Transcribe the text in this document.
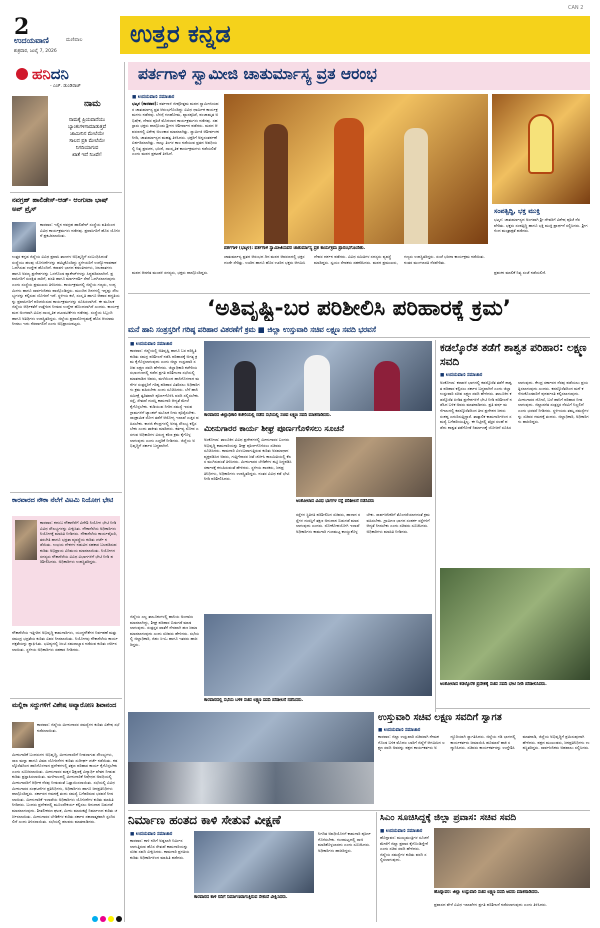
2
ಉದಯವಾಣಿ	ಮಣಿಪಾಲ
ಶುಕ್ರವಾರ, ಜುಲೈ 7, 2026
ಉತ್ತರ ಕನ್ನಡ
CAN 2
ಹನಿದನಿ
- ಎಚ್. ಡುಂಡಿರಾಜ್
ನಾಮ
ನಾಮಕ್ಕೆ ಪ್ರಿಯವಾದೆಯು
ಬ್ಯಾಂಕುಗಳಿಗಾಮಾಡುತ್ತವೆ
ಜಾಮೀನಿನ ಮೇಲೆಯೇ
ಸಾಲದ ಪ್ರತಿ ಮೇಲೆಯೇ
ನಿಗದಿಯಾಗುವ
ಖಾತೆ ಇದೆ ನಿಜವೇ!
ನವಗ್ರಹ್ ಹಾಲಿಡೇಸ್-ಆಡ್- ಆಂಗುಟಾ ಭಾಷ್ ಅಪ್ ಪ್ರೈಸ್
ಕಾರವಾರ: ಇಲ್ಲಿನ ನವಗ್ರಹ ಹಾಲಿಡೇಸ್ ಸಂಸ್ಥೆಯ ವತಿಯಿಂದ ವಿವಿಧ ಕಾರ್ಯಕ್ರಮಗಳು ನಡೆದವು. ಪ್ರವಾಸಿಗರಿಗೆ ಹೊಸ ಯೋಜನೆ ಪ್ರಕಟಿಸಲಾಯಿತು.
ಉತ್ತರ ಕನ್ನಡ ಜಿಲ್ಲೆಯ ವಿವಿಧ ಪ್ರವಾಸಿ ತಾಣಗಳ ಅಭಿವೃದ್ಧಿಗೆ ಸಂಬಂಧಿಸಿದಂತೆ ಸಂಸ್ಥೆಯು ಹಲವು ಯೋಜನೆಗಳನ್ನು ಹಮ್ಮಿಕೊಂಡಿದ್ದು ಸ್ಥಳೀಯರಿಗೆ ಉದ್ಯೋಗಾವಕಾಶ ಒದಗಿಸುವ ಉದ್ದೇಶ ಹೊಂದಿದೆ. ಕರಾವಳಿ ಭಾಗದ ಕಡಲತೀರಗಳು, ಜಲಪಾತಗಳು ಹಾಗೂ ಅರಣ್ಯ ಪ್ರದೇಶಗಳನ್ನು ಒಳಗೊಂಡ ಪ್ಯಾಕೇಜ್‌ಗಳನ್ನು ಸಿದ್ಧಪಡಿಸಲಾಗಿದೆ. ಪ್ರವಾಸಿಗರಿಗೆ ಸುರಕ್ಷಿತ ಸಾರಿಗೆ, ವಸತಿ ಹಾಗೂ ಮಾರ್ಗದರ್ಶಿ ಸೇವೆ ಒದಗಿಸಲಾಗುವುದು ಎಂದು ಸಂಸ್ಥೆಯ ಪ್ರಮುಖರು ತಿಳಿಸಿದರು. ಕಾರ್ಯಕ್ರಮದಲ್ಲಿ ಜಿಲ್ಲೆಯ ಗಣ್ಯರು, ಉದ್ಯಮಿಗಳು ಹಾಗೂ ಸಾರ್ವಜನಿಕರು ಪಾಲ್ಗೊಂಡಿದ್ದರು. ಮುಂದಿನ ದಿನಗಳಲ್ಲಿ ಇನ್ನಷ್ಟು ಸೌಲಭ್ಯಗಳನ್ನು ಕಲ್ಪಿಸುವ ಯೋಜನೆ ಇದೆ. ಸ್ಥಳೀಯ ಕಲೆ, ಸಂಸ್ಕೃತಿ ಹಾಗೂ ಆಹಾರ ಪದ್ಧತಿಯನ್ನು ಪ್ರವಾಸಿಗರಿಗೆ ಪರಿಚಯಿಸುವ ಕಾರ್ಯಕ್ರಮಗಳನ್ನು ರೂಪಿಸಲಾಗಿದೆ. ಈ ಮೂಲಕ ಜಿಲ್ಲೆಯ ಆರ್ಥಿಕತೆಗೆ ಉತ್ತೇಜನ ನೀಡುವ ಉದ್ದೇಶ ಹೊಂದಲಾಗಿದೆ ಎಂದರು. ಕಾರ್ಯಕ್ರಮದ ಅಂಗವಾಗಿ ವಿವಿಧ ಸಾಂಸ್ಕೃತಿಕ ಚಟುವಟಿಕೆಗಳು ನಡೆದವು. ಸಂಸ್ಥೆಯ ಸಿಬ್ಬಂದಿ ಹಾಗೂ ಅತಿಥಿಗಳು ಉಪಸ್ಥಿತರಿದ್ದರು. ಜಿಲ್ಲೆಯ ಪ್ರವಾಸೋದ್ಯಮಕ್ಕೆ ಹೊಸ ಆಯಾಮ ನೀಡಲು ಇದು ನೆರವಾಗಲಿದೆ ಎಂದು ಅಭಿಪ್ರಾಯಪಟ್ಟರು.
ಕಾರವಾರದ ನೌಕಾ ನೆಲೆಗೆ ವಿಟಮಿ ನಿಯೋಗ ಭೇಟಿ
ಕಾರವಾರ: ಕದಂಬ ನೌಕಾನೆಲೆಗೆ ವಿದೇಶಿ ನಿಯೋಗ ಭೇಟಿ ನೀಡಿ ವಿವಿಧ ಸೌಲಭ್ಯಗಳನ್ನು ವೀಕ್ಷಿಸಿತು. ನೌಕಾನೆಲೆಯ ಅಧಿಕಾರಿಗಳು ನಿಯೋಗಕ್ಕೆ ಮಾಹಿತಿ ನೀಡಿದರು. ನೌಕಾನೆಲೆಯ ಕಾರ್ಯವೈಖರಿ, ತರಬೇತಿ ಹಾಗೂ ಭದ್ರತಾ ವ್ಯವಸ್ಥೆಯ ಕುರಿತು ಚರ್ಚೆ ನಡೆಯಿತು. ಉಭಯ ದೇಶಗಳ ನಡುವಿನ ಸಹಕಾರ ಬಲಪಡಿಸುವ ಕುರಿತು ಅಭಿಪ್ರಾಯ ವಿನಿಮಯ ಮಾಡಲಾಯಿತು. ನಿಯೋಗದ ಸದಸ್ಯರು ನೌಕಾನೆಲೆಯ ವಿವಿಧ ವಿಭಾಗಗಳಿಗೆ ಭೇಟಿ ನೀಡಿ ಪರಿಶೀಲಿಸಿದರು. ಅಧಿಕಾರಿಗಳು ಉಪಸ್ಥಿತರಿದ್ದರು.
ನೌಕಾನೆಲೆಯ ಇತ್ತೀಚಿನ ಅಭಿವೃದ್ಧಿ ಕಾಮಗಾರಿಗಳು, ಯುದ್ಧನೌಕೆಗಳ ನಿರ್ವಹಣೆ ಮತ್ತು ಸಮುದ್ರ ಭದ್ರತೆಯ ಕುರಿತು ವಿವರ ನೀಡಲಾಯಿತು. ನಿಯೋಗವು ನೌಕಾನೆಲೆಯ ಕಾರ್ಯದಕ್ಷತೆಯನ್ನು ಶ್ಲಾಘಿಸಿತು. ಭವಿಷ್ಯದಲ್ಲಿ ಜಂಟಿ ಸಮರಾಭ್ಯಾಸ ನಡೆಸುವ ಕುರಿತು ಚರ್ಚಿಸಲಾಯಿತು. ಸ್ಥಳೀಯ ಅಧಿಕಾರಿಗಳು ಸಹಕಾರ ನೀಡಿದರು.
ಮಲ್ಲಿಕಾ ಸದ್ದುಗಳಿಗೆ ವಿಶೇಷ ಅವ್ಯಾರೋಣ ಶಿವಾನಂದ
ಕಾರವಾರ: ಜಿಲ್ಲೆಯ ಮೀನುಗಾರರ ಸಮಸ್ಯೆಗಳ ಕುರಿತು ವಿಶೇಷ ಸಭೆ ನಡೆಸಲಾಯಿತು.
ಮೀನುಗಾರಿಕೆ ಬಂದರುಗಳ ಅಭಿವೃದ್ಧಿ, ಮೀನುಗಾರರಿಗೆ ನೀಡಲಾಗುವ ಸೌಲಭ್ಯಗಳು, ಸಾಲ ಮನ್ನಾ ಹಾಗೂ ವಿಮಾ ಯೋಜನೆಗಳ ಕುರಿತು ಸುದೀರ್ಘ ಚರ್ಚೆ ನಡೆಯಿತು. ಕಡಲ್ಕೊರೆತದಿಂದ ಹಾನಿಗೊಳಗಾದ ಪ್ರದೇಶಗಳಲ್ಲಿ ತಕ್ಷಣ ಪರಿಹಾರ ಕಾರ್ಯ ಕೈಗೊಳ್ಳಬೇಕು ಎಂದು ಸೂಚಿಸಲಾಯಿತು. ಮೀನುಗಾರರ ಮಕ್ಕಳ ಶಿಕ್ಷಣಕ್ಕೆ ವಿದ್ಯಾರ್ಥಿ ವೇತನ ನೀಡುವ ಕುರಿತು ಪ್ರಸ್ತಾಪಿಸಲಾಯಿತು. ಮಳೆಗಾಲದಲ್ಲಿ ಮೀನುಗಾರಿಕೆ ನಿಷೇಧದ ಅವಧಿಯಲ್ಲಿ ಮೀನುಗಾರರಿಗೆ ಆರ್ಥಿಕ ನೆರವು ನೀಡುವಂತೆ ಒತ್ತಾಯಿಸಲಾಯಿತು. ಸಭೆಯಲ್ಲಿ ವಿವಿಧ ಮೀನುಗಾರರ ಸಂಘಟನೆಗಳ ಪ್ರತಿನಿಧಿಗಳು, ಅಧಿಕಾರಿಗಳು ಹಾಗೂ ಜನಪ್ರತಿನಿಧಿಗಳು ಪಾಲ್ಗೊಂಡಿದ್ದರು. ಸರ್ಕಾರದ ಗಮನಕ್ಕೆ ತಂದು ಸಮಸ್ಯೆ ಬಗೆಹರಿಸುವ ಭರವಸೆ ನೀಡಲಾಯಿತು. ಮೀನುಗಾರಿಕೆ ಇಲಾಖೆಯ ಅಧಿಕಾರಿಗಳು ಯೋಜನೆಗಳ ಕುರಿತು ಮಾಹಿತಿ ನೀಡಿದರು. ಬಂದರು ಪ್ರದೇಶದಲ್ಲಿ ಮೂಲಸೌಕರ್ಯ ಕಲ್ಪಿಸಲು ಅನುದಾನ ಬಿಡುಗಡೆ ಮಾಡಲಾಗುವುದು. ಶೀತಲೀಕರಣ ಘಟಕ, ಮೀನು ಮಾರುಕಟ್ಟೆ ನಿರ್ಮಾಣದ ಕುರಿತು ಚರ್ಚಿಸಲಾಯಿತು. ಮೀನುಗಾರರ ಬೇಡಿಕೆಗಳ ಕುರಿತು ಸರ್ಕಾರ ಸಕಾರಾತ್ಮಕವಾಗಿ ಸ್ಪಂದಿಸಲಿದೆ ಎಂದು ತಿಳಿಸಲಾಯಿತು. ಸಭೆಯಲ್ಲಿ ಹಲವರು ಮಾತನಾಡಿದರು.
ಪರ್ತಗಾಳಿ ಸ್ವಾಮೀಜಿ ಚಾತುರ್ಮಾಸ್ಯ ವ್ರತ ಆರಂಭ
■ ಉದಯವಾಣಿ ಸಮಾಚಾರ
ಭಟ್ಕಳ (ಕಾರವಾರ): ಪರ್ತಗಾಳಿ ಜೀವೋತ್ತಮ ಮಠದ ಸ್ವಾಮೀಜಿಯವರ ಚಾತುರ್ಮಾಸ್ಯ ವ್ರತ ಆರಂಭಗೊಂಡಿದ್ದು ವಿವಿಧ ಧಾರ್ಮಿಕ ಕಾರ್ಯಕ್ರಮಗಳು ನಡೆದವು. ಬೆಳಗ್ಗೆ ಗಣಹೋಮ, ವ್ಯಾಸಪೂಜೆ, ಪಂಚಾಮೃತ ಅಭಿಷೇಕ, ದೇವರ ಪೂಜೆ ಮೊದಲಾದ ಕಾರ್ಯಕ್ರಮಗಳು ನಡೆದವು. ಸಹಸ್ರಾರು ಭಕ್ತರು ಪಾಲ್ಗೊಂಡು ಶ್ರೀಗಳ ಆಶೀರ್ವಾದ ಪಡೆದರು. ಮಠದ ಆವರಣದಲ್ಲಿ ವಿಶೇಷ ಅಲಂಕಾರ ಮಾಡಲಾಗಿತ್ತು. ಸ್ವಾಮೀಜಿ ಆಶೀರ್ವಚನ ನೀಡಿ, ಚಾತುರ್ಮಾಸ್ಯದ ಮಹತ್ವ ತಿಳಿಸಿದರು. ಭಕ್ತರಿಗೆ ಅನ್ನಸಂತರ್ಪಣೆ ಏರ್ಪಡಿಸಲಾಗಿತ್ತು. ನಾಲ್ಕು ತಿಂಗಳ ಕಾಲ ನಡೆಯುವ ವ್ರತದ ಅವಧಿಯಲ್ಲಿ ನಿತ್ಯ ಪ್ರವಚನ, ಭಜನೆ, ಸಾಂಸ್ಕೃತಿಕ ಕಾರ್ಯಕ್ರಮಗಳು ನಡೆಯಲಿವೆ ಎಂದು ಮಠದ ಪ್ರಕಟಣೆ ತಿಳಿಸಿದೆ.
ಸಂಪತ್ಸಿದ್ಧಿ, ಭಕ್ತ ಮುಕ್ತಿ
ಭಟ್ಕಳ: ಚಾತುರ್ಮಾಸ್ಯದ ಅಂಗವಾಗಿ ಶ್ರೀ ದೇವರಿಗೆ ವಿಶೇಷ ಪೂಜೆ ನೆರವೇರಿತು. ಭಕ್ತರು ಸಂಪತ್ಸಿದ್ಧಿ ಹಾಗೂ ಭಕ್ತಿ ಮುಕ್ತಿ ಪ್ರಾರ್ಥನೆ ಸಲ್ಲಿಸಿದರು. ಶ್ರೀಗಳಿಂದ ಮಂತ್ರಾಕ್ಷತೆ ಪಡೆದರು.
ಪರ್ತಗಾಳಿ (ಭಟ್ಕಳ): ಪರ್ತಗಾಳಿ ಸ್ವಾಮೀಜಿಯವರ ಚಾತುರ್ಮಾಸ್ಯ ವ್ರತ ಕಾರ್ಯಕ್ರಮ ಪ್ರಾರಂಭಗೊಂಡಿತು.
ಚಾತುರ್ಮಾಸ್ಯ ವ್ರತದ ಆರಂಭದ ದಿನ ಮಠದ ಆವರಣದಲ್ಲಿ ಭಕ್ತರ ದಂಡೇ ಸೇರಿತ್ತು. ಊರಿನ ಹಾಗೂ ಹೊರ ಊರಿನ ಭಕ್ತರು ಆಗಮಿಸಿ ದೇವರ ದರ್ಶನ ಪಡೆದರು. ವಿವಿಧ ಸಮಿತಿಗಳ ಸದಸ್ಯರು ವ್ಯವಸ್ಥೆ ಮಾಡಿದ್ದರು. ಸ್ವಯಂ ಸೇವಕರು ಸಹಕರಿಸಿದರು. ಮಠದ ಪ್ರಮುಖರು, ಗಣ್ಯರು ಉಪಸ್ಥಿತರಿದ್ದರು. ಸಂಜೆ ಭಜನಾ ಕಾರ್ಯಕ್ರಮ ನಡೆಯಿತು. ನಂತರ ಮಂಗಳಾರತಿ ನೆರವೇರಿತು.
ಮಠದ ಆಡಳಿತ ಮಂಡಳಿ ಸದಸ್ಯರು, ಭಕ್ತರು ಪಾಲ್ಗೊಂಡಿದ್ದರು.	ಪ್ರವಚನ ಮಾಲಿಕೆ ನಿತ್ಯ ಸಂಜೆ ನಡೆಯಲಿದೆ.
‘ಅತಿವೃಷ್ಟಿ-ಬರ ಪರಿಶೀಲಿಸಿ ಪರಿಹಾರಕ್ಕೆ ಕ್ರಮ’
ಮನೆ ಹಾನಿ ಸಂತ್ರಸ್ತರಿಗೆ ಗರಿಷ್ಠ ಪರಿಹಾರ ವಿತರಣೆಗೆ ಕ್ರಮ ■ ಜಿಲ್ಲಾ ಉಸ್ತುವಾರಿ ಸಚಿವ ಲಕ್ಷ್ಮಣ ಸವದಿ ಭರವಸೆ
■ ಉದಯವಾಣಿ ಸಮಾಚಾರ
ಕಾರವಾರ: ಜಿಲ್ಲೆಯಲ್ಲಿ ಅತಿವೃಷ್ಟಿ ಹಾಗೂ ಬರ ಪರಿಸ್ಥಿತಿ ಕುರಿತು ಸಮಗ್ರ ಪರಿಶೀಲನೆ ನಡೆಸಿ ಪರಿಹಾರಕ್ಕೆ ಅಗತ್ಯ ಕ್ರಮ ಕೈಗೊಳ್ಳಲಾಗುವುದು ಎಂದು ಜಿಲ್ಲಾ ಉಸ್ತುವಾರಿ ಸಚಿವ ಲಕ್ಷ್ಮಣ ಸವದಿ ಹೇಳಿದರು. ಜಿಲ್ಲಾಧಿಕಾರಿ ಕಚೇರಿಯ ಸಭಾಂಗಣದಲ್ಲಿ ನಡೆದ ಪ್ರಗತಿ ಪರಿಶೀಲನಾ ಸಭೆಯಲ್ಲಿ ಮಾತನಾಡಿದ ಅವರು, ಮಳೆಯಿಂದ ಹಾನಿಗೊಳಗಾದ ಮನೆಗಳ ಸಂತ್ರಸ್ತರಿಗೆ ಗರಿಷ್ಠ ಪರಿಹಾರ ವಿತರಿಸಲು ಅಧಿಕಾರಿಗಳು ಕ್ರಮ ವಹಿಸಬೇಕು ಎಂದು ಸೂಚಿಸಿದರು. ಬೆಳೆ ಹಾನಿ ಸಮೀಕ್ಷೆ ತ್ವರಿತವಾಗಿ ಪೂರ್ಣಗೊಳಿಸಿ ವರದಿ ಸಲ್ಲಿಸಬೇಕು. ರಸ್ತೆ, ಸೇತುವೆ ದುರಸ್ತಿ ಕಾಮಗಾರಿ ಆದ್ಯತೆ ಮೇಲೆ ಕೈಗೊಳ್ಳಬೇಕು. ಕುಡಿಯುವ ನೀರಿನ ಸಮಸ್ಯೆ ಇರುವ ಗ್ರಾಮಗಳಿಗೆ ಟ್ಯಾಂಕರ್ ಮೂಲಕ ನೀರು ಪೂರೈಸಬೇಕು. ಸಾಂಕ್ರಾಮಿಕ ರೋಗ ತಡೆಗೆ ಆರೋಗ್ಯ ಇಲಾಖೆ ಎಚ್ಚರ ವಹಿಸಬೇಕು. ಕಾಳಜಿ ಕೇಂದ್ರಗಳಲ್ಲಿ ಅಗತ್ಯ ಸೌಲಭ್ಯ ಕಲ್ಪಿಸಬೇಕು ಎಂದು ತಾಕೀತು ಮಾಡಿದರು. ಕರ್ತವ್ಯ ಲೋಪ ಎಸಗುವ ಅಧಿಕಾರಿಗಳ ವಿರುದ್ಧ ಕಠಿಣ ಕ್ರಮ ಕೈಗೊಳ್ಳಲಾಗುವುದು ಎಂದು ಎಚ್ಚರಿಕೆ ನೀಡಿದರು. ಜಿಲ್ಲೆಯ ಅಭಿವೃದ್ಧಿಗೆ ಸರ್ಕಾರ ಬದ್ಧವಾಗಿದೆ.
ಕಾರವಾರದ ಜಿಲ್ಲಾಧಿಕಾರಿ ಕಚೇರಿಯಲ್ಲಿ ನಡೆದ ಸಭೆಯಲ್ಲಿ ಸಚಿವ ಲಕ್ಷ್ಮಣ ಸವದಿ ಮಾತನಾಡಿದರು.
ಮೀನುಗಾರರ ಕಾರ್ಯ ಶೀಘ್ರ ಪೂರ್ಣಗೊಳಿಸಲು ಸೂಚನೆ
ಅಂಕೋಲಾ: ತಾಲೂಕಿನ ವಿವಿಧ ಪ್ರದೇಶಗಳಲ್ಲಿ ಮೀನುಗಾರರ ಬಂದರು ಅಭಿವೃದ್ಧಿ ಕಾಮಗಾರಿಯನ್ನು ಶೀಘ್ರ ಪೂರ್ಣಗೊಳಿಸಲು ಸಚಿವರು ಸೂಚಿಸಿದರು. ಕಾಮಗಾರಿ ವಿಳಂಬವಾಗುತ್ತಿರುವ ಕುರಿತು ಅಸಮಾಧಾನ ವ್ಯಕ್ತಪಡಿಸಿದ ಅವರು, ಗುತ್ತಿಗೆದಾರರ ಜತೆ ಚರ್ಚಿಸಿ ಕಾಲಮಿತಿಯಲ್ಲಿ ಕೆಲಸ ಮುಗಿಸುವಂತೆ ತಿಳಿಸಿದರು. ಮೀನುಗಾರರ ಬೇಡಿಕೆಗಳ ಪಟ್ಟಿ ಸಿದ್ಧಪಡಿಸಿ ಸರ್ಕಾರಕ್ಕೆ ಕಳುಹಿಸುವಂತೆ ಹೇಳಿದರು. ಸ್ಥಳೀಯ ಶಾಸಕರು, ಜನಪ್ರತಿನಿಧಿಗಳು, ಅಧಿಕಾರಿಗಳು ಉಪಸ್ಥಿತರಿದ್ದರು. ನಂತರ ವಿವಿಧ ಕಡೆ ಭೇಟಿ ನೀಡಿ ಪರಿಶೀಲಿಸಿದರು.
ಅಂಕೋಲಾದ ವಿವಿಧ ಭಾಗಗಳ ರಸ್ತೆ ಪರಿಶೀಲನೆ ನಡೆಸಿದರು
ರಸ್ತೆಗಳ ಸ್ಥಿತಿಗತಿ ಪರಿಶೀಲಿಸಿದ ಸಚಿವರು, ಹಾಳಾದ ರಸ್ತೆಗಳ ದುರಸ್ತಿಗೆ ತಕ್ಷಣ ಅನುದಾನ ಬಿಡುಗಡೆ ಮಾಡಲಾಗುವುದು ಎಂದರು. ಲೋಕೋಪಯೋಗಿ ಇಲಾಖೆ ಅಧಿಕಾರಿಗಳು ಕಾಮಗಾರಿ ಗುಣಮಟ್ಟ ಕಾಯ್ದುಕೊಳ್ಳಬೇಕು. ಸಾರ್ವಜನಿಕರಿಗೆ ತೊಂದರೆಯಾಗದಂತೆ ಕ್ರಮ ವಹಿಸಬೇಕು. ಗ್ರಾಮೀಣ ಭಾಗದ ಸಂಪರ್ಕ ರಸ್ತೆಗಳಿಗೆ ಆದ್ಯತೆ ನೀಡಬೇಕು ಎಂದು ಸಚಿವರು ಸೂಚಿಸಿದರು. ಅಧಿಕಾರಿಗಳು ಮಾಹಿತಿ ನೀಡಿದರು.
ಕಾರವಾರದಲ್ಲಿ ಸಭೆಯ ಬಳಿಕ ಸಚಿವ ಲಕ್ಷ್ಮಣ ಸವದಿ ಪರಿಶೀಲನೆ ನಡೆಸಿದರು.
ಜಿಲ್ಲೆಯ ಎಲ್ಲ ತಾಲೂಕುಗಳಲ್ಲಿ ಹಾನಿಯ ಅಂದಾಜು ಮಾಡಲಾಗಿದ್ದು, ಶೀಘ್ರ ಪರಿಹಾರ ಬಿಡುಗಡೆ ಮಾಡಲಾಗುವುದು. ಸಂತ್ರಸ್ತರ ಖಾತೆಗೆ ನೇರವಾಗಿ ಹಣ ಜಮಾ ಮಾಡಲಾಗುವುದು ಎಂದು ಸಚಿವರು ಹೇಳಿದರು. ಸಭೆಯಲ್ಲಿ ಜಿಲ್ಲಾಧಿಕಾರಿ, ಜಿಪಂ ಸಿಇಒ ಹಾಗೂ ಇತರರು ಹಾಜರಿದ್ದರು.
ಕಡಲ್ಕೊರೆತ ತಡೆಗೆ ಶಾಶ್ವತ ಪರಿಹಾರ: ಲಕ್ಷ್ಮಣ ಸವದಿ
■ ಉದಯವಾಣಿ ಸಮಾಚಾರ
ಅಂಕೋಲಾ: ಕರಾವಳಿ ಭಾಗದಲ್ಲಿ ಕಡಲ್ಕೊರೆತ ತಡೆಗೆ ಶಾಶ್ವತ ಪರಿಹಾರ ಕಲ್ಪಿಸಲು ಸರ್ಕಾರ ಬದ್ಧವಾಗಿದೆ ಎಂದು ಜಿಲ್ಲಾ ಉಸ್ತುವಾರಿ ಸಚಿವ ಲಕ್ಷ್ಮಣ ಸವದಿ ಹೇಳಿದರು. ತಾಲೂಕಿನ ಕಡಲ್ಕೊರೆತ ಪೀಡಿತ ಪ್ರದೇಶಗಳಿಗೆ ಭೇಟಿ ನೀಡಿ ಪರಿಶೀಲನೆ ನಡೆಸಿದ ಬಳಿಕ ಅವರು ಮಾತನಾಡಿದರು. ಪ್ರತಿ ವರ್ಷ ಮಳೆಗಾಲದಲ್ಲಿ ಕಡಲ್ಕೊರೆತದಿಂದ ತೀರ ಪ್ರದೇಶದ ಜನರು ಸಂಕಷ್ಟ ಎದುರಿಸುತ್ತಿದ್ದಾರೆ. ತಾತ್ಕಾಲಿಕ ಕಾಮಗಾರಿಗಳಿಂದ ಸಮಸ್ಯೆ ಬಗೆಹರಿಯುತ್ತಿಲ್ಲ. ಈ ನಿಟ್ಟಿನಲ್ಲಿ ತಜ್ಞರ ಸಲಹೆ ಪಡೆದು ಶಾಶ್ವತ ತಡೆಗೋಡೆ ನಿರ್ಮಾಣಕ್ಕೆ ಯೋಜನೆ ರೂಪಿಸಲಾಗುವುದು. ಕೇಂದ್ರ ಸರ್ಕಾರದ ನೆರವು ಪಡೆಯಲು ಪ್ರಯತ್ನಿಸಲಾಗುವುದು ಎಂದರು. ಕಡಲ್ಕೊರೆತದಿಂದ ಮನೆ ಕಳೆದುಕೊಂಡವರಿಗೆ ಪುನರ್ವಸತಿ ಕಲ್ಪಿಸಲಾಗುವುದು. ಮೀನುಗಾರರ ದೋಣಿ, ಬಲೆ ಹಾನಿಗೆ ಪರಿಹಾರ ನೀಡಲಾಗುವುದು. ಜಿಲ್ಲಾಡಳಿತ ಸಂತ್ರಸ್ತರ ನೆರವಿಗೆ ನಿಲ್ಲಲಿದೆ ಎಂದು ಭರವಸೆ ನೀಡಿದರು. ಸ್ಥಳೀಯರು ತಮ್ಮ ಸಮಸ್ಯೆಗಳನ್ನು ಸಚಿವರ ಗಮನಕ್ಕೆ ತಂದರು. ಜಿಲ್ಲಾಧಿಕಾರಿ, ಅಧಿಕಾರಿಗಳು ಹಾಜರಿದ್ದರು.
ಅಂಕೋಲಾದ ಕಡಲ್ಕೊರೆತ ಪ್ರದೇಶಕ್ಕೆ ಸಚಿವ ಸವದಿ ಭೇಟಿ ನೀಡಿ ಪರಿಶೀಲಿಸಿದರು.
ಉಸ್ತುವಾರಿ ಸಚಿವ ಲಕ್ಷ್ಮಣ ಸವದಿಗೆ ಸ್ವಾಗತ
■ ಉದಯವಾಣಿ ಸಮಾಚಾರ
ಕಾರವಾರ: ಜಿಲ್ಲಾ ಉಸ್ತುವಾರಿ ಸಚಿವರಾಗಿ ನೇಮಕಗೊಂಡ ಬಳಿಕ ಮೊದಲ ಬಾರಿಗೆ ಜಿಲ್ಲೆಗೆ ಆಗಮಿಸಿದ ಲಕ್ಷ್ಮಣ ಸವದಿ ಅವರನ್ನು ಪಕ್ಷದ ಕಾರ್ಯಕರ್ತರು ಅದ್ದೂರಿಯಾಗಿ ಸ್ವಾಗತಿಸಿದರು. ಜಿಲ್ಲೆಯ ಗಡಿ ಭಾಗದಲ್ಲಿ ಕಾರ್ಯಕರ್ತರು ಜಮಾಯಿಸಿ ಹೂಮಾಲೆ ಹಾಕಿ ಸನ್ಮಾನಿಸಿದರು. ಸಚಿವರು ಕಾರ್ಯಕರ್ತರನ್ನು ಉದ್ದೇಶಿಸಿ ಮಾತನಾಡಿ, ಜಿಲ್ಲೆಯ ಅಭಿವೃದ್ಧಿಗೆ ಶ್ರಮಿಸುವುದಾಗಿ ಹೇಳಿದರು. ಪಕ್ಷದ ಮುಖಂಡರು, ಜನಪ್ರತಿನಿಧಿಗಳು ಉಪಸ್ಥಿತರಿದ್ದರು. ಸಾರ್ವಜನಿಕರು ಅಹವಾಲು ಸಲ್ಲಿಸಿದರು.
ನಿರ್ಮಾಣ ಹಂತದ ಕಾಳಿ ಸೇತುವೆ ವೀಕ್ಷಣೆ
■ ಉದಯವಾಣಿ ಸಮಾಚಾರ
ಕಾರವಾರ: ಕಾಳಿ ನದಿಗೆ ಅಡ್ಡಲಾಗಿ ನಿರ್ಮಿಸಲಾಗುತ್ತಿರುವ ಹೊಸ ಸೇತುವೆ ಕಾಮಗಾರಿಯನ್ನು ಸಚಿವ ಸವದಿ ವೀಕ್ಷಿಸಿದರು. ಕಾಮಗಾರಿ ಪ್ರಗತಿಯ ಕುರಿತು ಅಧಿಕಾರಿಗಳಿಂದ ಮಾಹಿತಿ ಪಡೆದರು.
ಕಾರವಾರದ ಕಾಳಿ ನದಿಗೆ ನಿರ್ಮಾಣವಾಗುತ್ತಿರುವ ಸೇತುವೆ ವೀಕ್ಷಿಸಿದರು.
ನಿಗದಿತ ಅವಧಿಯೊಳಗೆ ಕಾಮಗಾರಿ ಪೂರ್ಣಗೊಳಿಸಬೇಕು. ಗುಣಮಟ್ಟದಲ್ಲಿ ರಾಜಿ ಮಾಡಿಕೊಳ್ಳಬಾರದು ಎಂದು ಸೂಚಿಸಿದರು. ಅಧಿಕಾರಿಗಳು ಹಾಜರಿದ್ದರು.
ಸಿಎಂ ಸೂಚಿಸಿದ್ದಕ್ಕೆ ಜಿಲ್ಲಾ ಪ್ರವಾಸ: ಸಚಿವ ಸವದಿ
■ ಉದಯವಾಣಿ ಸಮಾಚಾರ
ಹೊನ್ನಾವರ: ಮುಖ್ಯಮಂತ್ರಿಗಳ ಸೂಚನೆ ಮೇರೆಗೆ ಜಿಲ್ಲಾ ಪ್ರವಾಸ ಕೈಗೊಂಡಿದ್ದೇನೆ ಎಂದು ಸಚಿವ ಸವದಿ ಹೇಳಿದರು. ಜಿಲ್ಲೆಯ ಸಮಸ್ಯೆಗಳ ಕುರಿತು ವರದಿ ಸಲ್ಲಿಸಲಾಗುವುದು.
ಹೊನ್ನಾವರ: ಜಿಲ್ಲಾ ಉಸ್ತುವಾರಿ ಸಚಿವ ಲಕ್ಷ್ಮಣ ಸವದಿ ಅವರು ಮಾತನಾಡಿದರು.
ಪ್ರವಾಸದ ವೇಳೆ ವಿವಿಧ ಇಲಾಖೆಗಳ ಪ್ರಗತಿ ಪರಿಶೀಲನೆ ನಡೆಸಲಾಗುವುದು ಎಂದು ತಿಳಿಸಿದರು.
